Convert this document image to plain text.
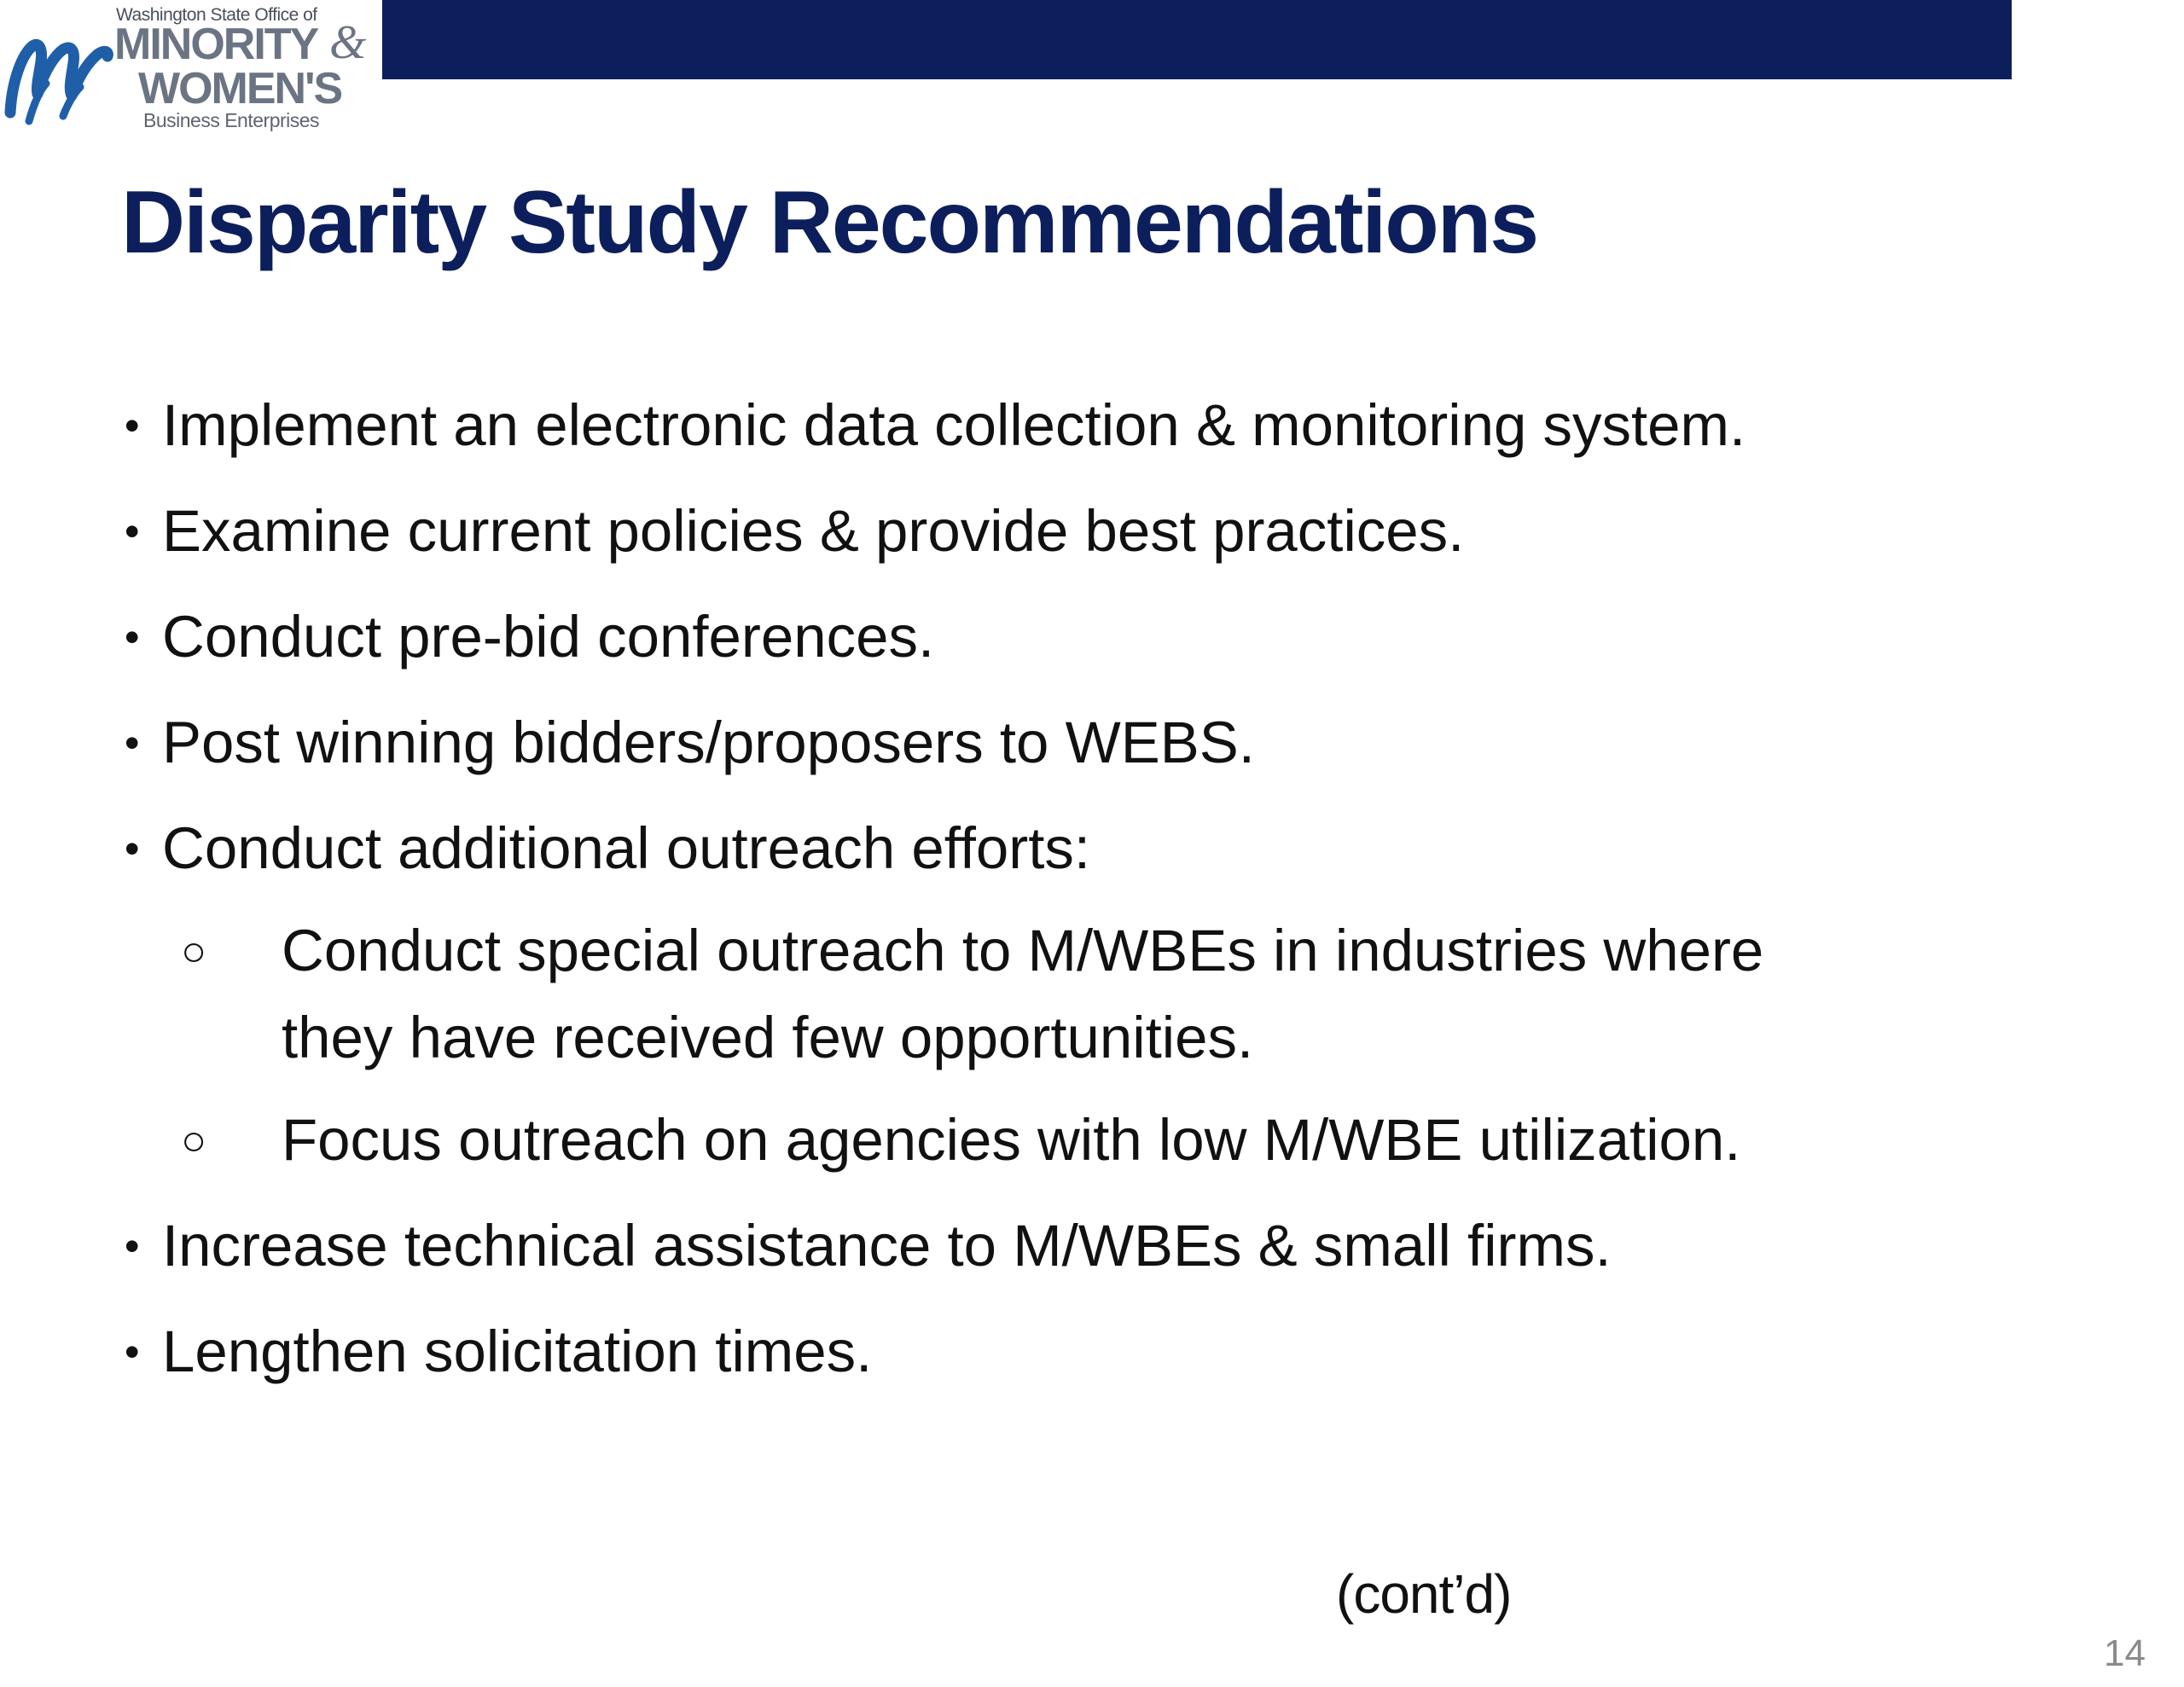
Washington State Office of
MINORITY &
WOMEN'S
Business Enterprises
Disparity Study Recommendations
• Implement an electronic data collection & monitoring system.
• Examine current policies & provide best practices.
• Conduct pre-bid conferences.
• Post winning bidders/proposers to WEBS.
• Conduct additional outreach efforts:
○ Conduct special outreach to M/WBEs in industries where they have received few opportunities.
○ Focus outreach on agencies with low M/WBE utilization.
• Increase technical assistance to M/WBEs & small firms.
• Lengthen solicitation times.
(cont’d)
14
